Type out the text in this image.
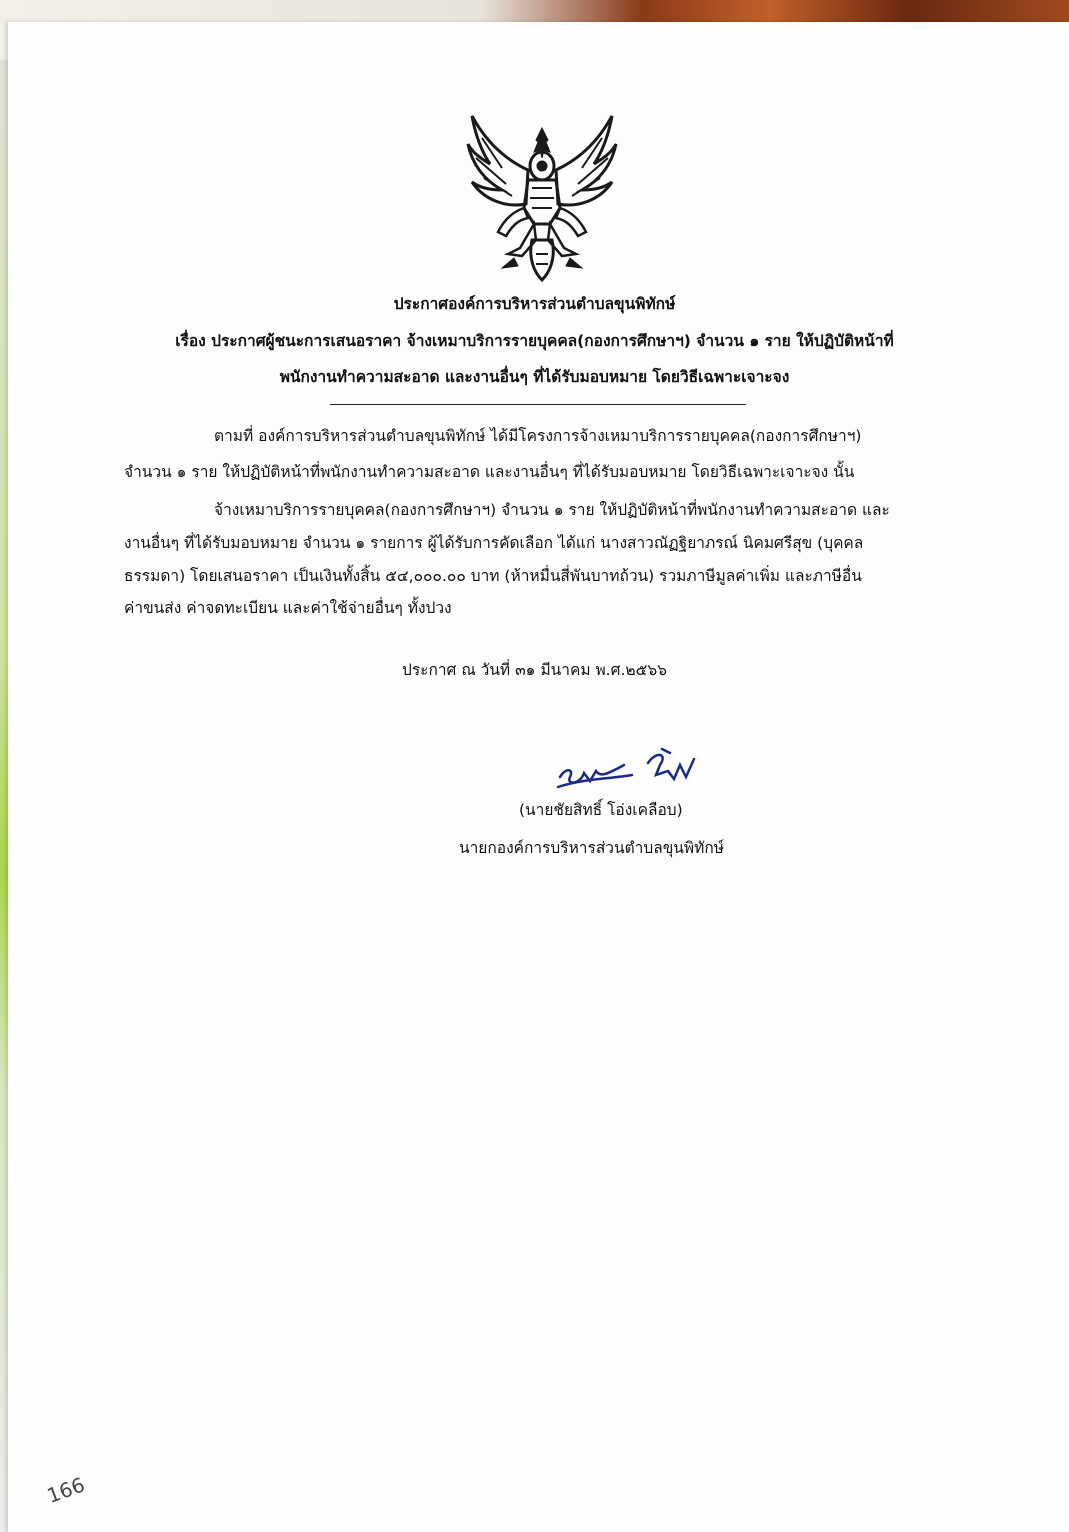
ประกาศองค์การบริหารส่วนตำบลขุนพิทักษ์
เรื่อง ประกาศผู้ชนะการเสนอราคา จ้างเหมาบริการรายบุคคล(กองการศึกษาฯ) จำนวน ๑ ราย ให้ปฏิบัติหน้าที่
พนักงานทำความสะอาด และงานอื่นๆ ที่ได้รับมอบหมาย โดยวิธีเฉพาะเจาะจง
ตามที่ องค์การบริหารส่วนตำบลขุนพิทักษ์ ได้มีโครงการจ้างเหมาบริการรายบุคคล(กองการศึกษาฯ)
จำนวน ๑ ราย ให้ปฏิบัติหน้าที่พนักงานทำความสะอาด และงานอื่นๆ ที่ได้รับมอบหมาย โดยวิธีเฉพาะเจาะจง นั้น
จ้างเหมาบริการรายบุคคล(กองการศึกษาฯ) จำนวน ๑ ราย ให้ปฏิบัติหน้าที่พนักงานทำความสะอาด และ
งานอื่นๆ ที่ได้รับมอบหมาย จำนวน ๑ รายการ ผู้ได้รับการคัดเลือก ได้แก่ นางสาวณัฏฐิยาภรณ์ นิคมศรีสุข (บุคคล
ธรรมดา) โดยเสนอราคา เป็นเงินทั้งสิ้น ๕๔,๐๐๐.๐๐ บาท (ห้าหมื่นสี่พันบาทถ้วน) รวมภาษีมูลค่าเพิ่ม และภาษีอื่น
ค่าขนส่ง ค่าจดทะเบียน และค่าใช้จ่ายอื่นๆ ทั้งปวง
ประกาศ ณ วันที่ ๓๑ มีนาคม พ.ศ.๒๕๖๖
(นายชัยสิทธิ์ โอ่งเคลือบ)
นายกองค์การบริหารส่วนตำบลขุนพิทักษ์
166
